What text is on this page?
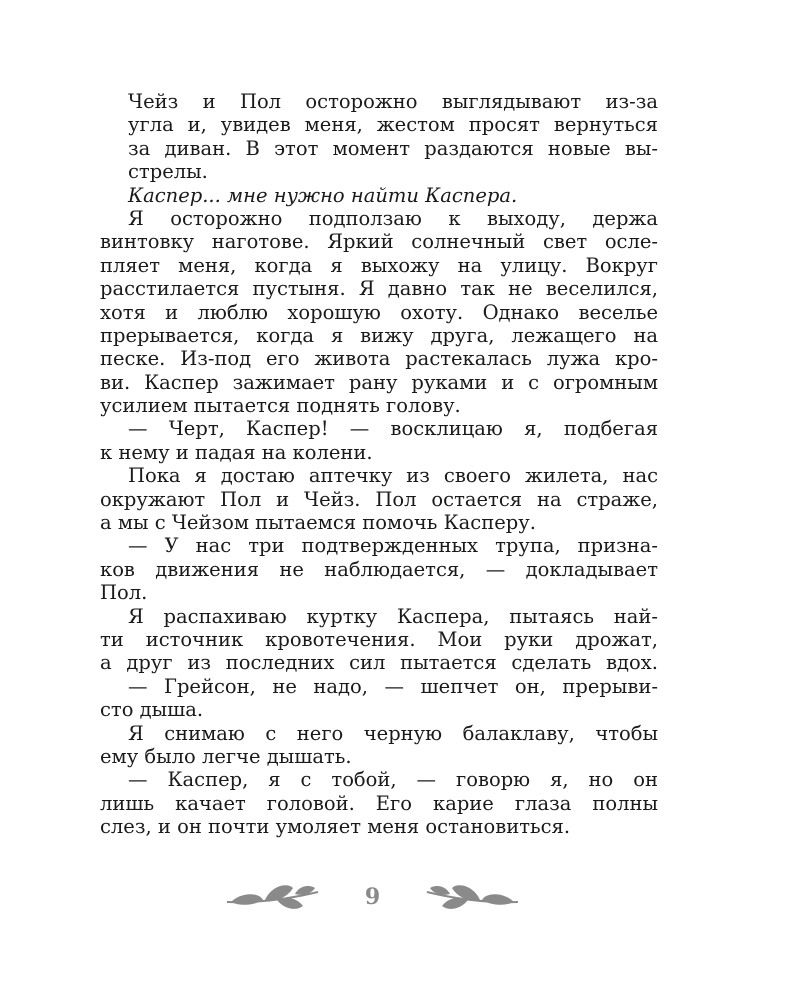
Чейз и Пол осторожно выглядывают из-за
угла и, увидев меня, жестом просят вернуться
за диван. В этот момент раздаются новые вы-
стрелы.
Каспер... мне нужно найти Каспера.
Я осторожно подползаю к выходу, держа
винтовку наготове. Яркий солнечный свет осле-
пляет меня, когда я выхожу на улицу. Вокруг
расстилается пустыня. Я давно так не веселился,
хотя и люблю хорошую охоту. Однако веселье
прерывается, когда я вижу друга, лежащего на
песке. Из-под его живота растекалась лужа кро-
ви. Каспер зажимает рану руками и с огромным
усилием пытается поднять голову.
— Черт, Каспер! — восклицаю я, подбегая
к нему и падая на колени.
Пока я достаю аптечку из своего жилета, нас
окружают Пол и Чейз. Пол остается на страже,
а мы с Чейзом пытаемся помочь Касперу.
— У нас три подтвержденных трупа, призна-
ков движения не наблюдается, — докладывает
Пол.
Я распахиваю куртку Каспера, пытаясь най-
ти источник кровотечения. Мои руки дрожат,
а друг из последних сил пытается сделать вдох.
— Грейсон, не надо, — шепчет он, прерыви-
сто дыша.
Я снимаю с него черную балаклаву, чтобы
ему было легче дышать.
— Каспер, я с тобой, — говорю я, но он
лишь качает головой. Его карие глаза полны
слез, и он почти умоляет меня остановиться.
9
